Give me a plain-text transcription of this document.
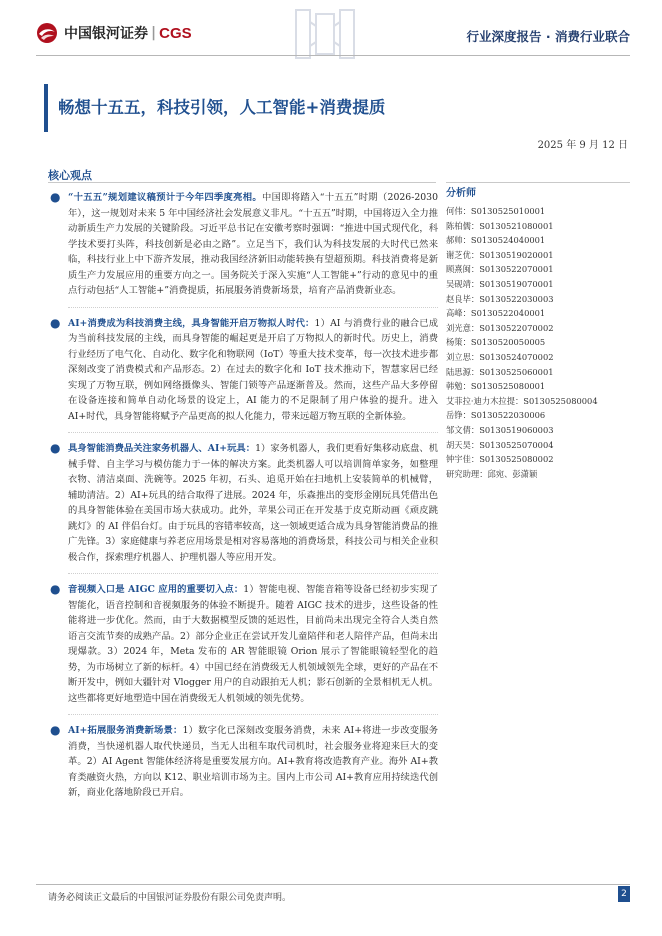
中国银河证券 | CGS	行业深度报告 · 消费行业联合
畅想十五五，科技引领，人工智能+消费提质
2025 年 9 月 12 日
核心观点

● “十五五”规划建议稿预计于今年四季度亮相。中国即将踏入“十五五”时期（2026-2030 年），这一规划对未来 5 年中国经济社会发展意义非凡。“十五五”时期，中国将迈入全力推动新质生产力发展的关键阶段。习近平总书记在安徽考察时强调：“推进中国式现代化，科学技术要打头阵，科技创新是必由之路”。立足当下，我们认为科技发展的大时代已然来临，科技行业上中下游齐发展，推动我国经济新旧动能转换有望超预期。科技消费将是新质生产力发展应用的重要方向之一。国务院关于深入实施“人工智能+”行动的意见中的重点行动包括“人工智能+”消费提质，拓展服务消费新场景，培育产品消费新业态。

● AI+消费成为科技消费主线，具身智能开启万物拟人时代：1）AI 与消费行业的融合已成为当前科技发展的主线，而具身智能的崛起更是开启了万物拟人的新时代。历史上，消费行业经历了电气化、自动化、数字化和物联网（IoT）等重大技术变革，每一次技术进步都深刻改变了消费模式和产品形态。2）在过去的数字化和 IoT 技术推动下，智慧家居已经实现了万物互联，例如网络摄像头、智能门锁等产品逐渐普及。然而，这些产品大多停留在设备连接和简单自动化场景的设定上，AI 能力的不足限制了用户体验的提升。进入 AI+时代，具身智能将赋予产品更高的拟人化能力，带来远超万物互联的全新体验。

● 具身智能消费品关注家务机器人、AI+玩具：1）家务机器人，我们更看好集移动底盘、机械手臂、自主学习与模仿能力于一体的解决方案。此类机器人可以培训简单家务，如整理衣物、清洁桌面、洗碗等。2025 年初，石头、追觅开始在扫地机上安装简单的机械臂，辅助清洁。2）AI+玩具的结合取得了进展。2024 年，乐森推出的变形金刚玩具凭借出色的具身智能体验在美国市场大获成功。此外，苹果公司正在开发基于皮克斯动画《顽皮跳跳灯》的 AI 伴侣台灯。由于玩具的容错率较高，这一领域更适合成为具身智能消费品的推广先锋。3）家庭健康与养老应用场景是相对容易落地的消费场景，科技公司与相关企业积极合作，探索理疗机器人、护理机器人等应用开发。

● 音视频入口是 AIGC 应用的重要切入点：1）智能电视、智能音箱等设备已经初步实现了智能化，语音控制和音视频服务的体验不断提升。随着 AIGC 技术的进步，这些设备的性能将进一步优化。然而，由于大数据模型反馈的延迟性，目前尚未出现完全符合人类自然语言交流节奏的成熟产品。2）部分企业正在尝试开发儿童陪伴和老人陪伴产品，但尚未出现爆款。3）2024 年，Meta 发布的 AR 智能眼镜 Orion 展示了智能眼镜轻型化的趋势，为市场树立了新的标杆。4）中国已经在消费级无人机领域领先全球，更好的产品在不断开发中，例如大疆针对 Vlogger 用户的自动跟拍无人机；影石创新的全景相机无人机。这些都将更好地塑造中国在消费级无人机领域的领先优势。

● AI+拓展服务消费新场景：1）数字化已深刻改变服务消费，未来 AI+将进一步改变服务消费，当快递机器人取代快递员，当无人出租车取代司机时，社会服务业将迎来巨大的变革。2）AI Agent 智能体经济将是重要发展方向。AI+教育将改造教育产业。海外 AI+教育类融资火热，方向以 K12、职业培训市场为主。国内上市公司 AI+教育应用持续迭代创新，商业化落地阶段已开启。

分析师
何伟：S0130525010001
陈柏儒：S0130521080001
郝帅：S0130524040001
谢芝优：S0130519020001
顾熹闽：S0130522070001
吴砚靖：S0130519070001
赵良毕：S0130522030003
高峰：S0130522040001
刘光意：S0130522070002
杨策：S0130520050005
刘立思：S0130524070002
陆思源：S0130525060001
韩勉：S0130525080001
艾菲拉·迪力木拉提：S0130525080004
岳铮：S0130522030006
邹文倩：S0130519060003
胡天昊：S0130525070004
钟宇佳：S0130525080002
研究助理：邱宛、彭潇颖
请务必阅读正文最后的中国银河证券股份有限公司免责声明。	2
